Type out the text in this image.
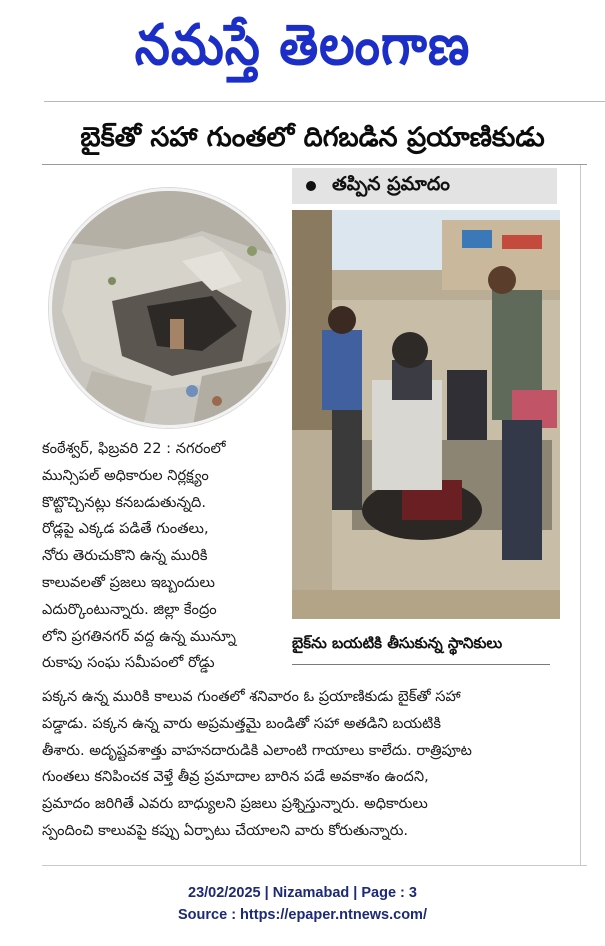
నమస్తే తెలంగాణ
బైక్‌తో సహా గుంతలో దిగబడిన ప్రయాణికుడు
తప్పిన ప్రమాదం
బైక్‌ను బయటికి తీసుకున్న స్థానికులు

కంఠేశ్వర్‌, ఫిబ్రవరి 22 : నగరంలో

మున్సిపల్‌ అధికారుల నిర్లక్ష్యం

కొట్టొచ్చినట్లు కనబడుతున్నది.

రోడ్లపై ఎక్కడ పడితే గుంతలు,

నోరు తెరుచుకొని ఉన్న మురికి

కాలువలతో ప్రజలు ఇబ్బందులు

ఎదుర్కొంటున్నారు. జిల్లా కేంద్రం

లోని ప్రగతినగర్‌ వద్ద ఉన్న మున్నూ

రుకాపు సంఘ సమీపంలో రోడ్డు

పక్కన ఉన్న మురికి కాలువ గుంతలో శనివారం ఓ ప్రయాణికుడు బైక్‌తో సహా

పడ్డాడు. పక్కన ఉన్న వారు అప్రమత్తమై బండితో సహా అతడిని బయటికి

తీశారు. అదృష్టవశాత్తు వాహనదారుడికి ఎలాంటి గాయాలు కాలేదు. రాత్రిపూట

గుంతలు కనిపించక వెళ్తే తీవ్ర ప్రమాదాల బారిన పడే అవకాశం ఉందని,

ప్రమాదం జరిగితే ఎవరు బాధ్యులని ప్రజలు ప్రశ్నిస్తున్నారు. అధికారులు

స్పందించి కాలువపై కప్పు ఏర్పాటు చేయాలని వారు కోరుతున్నారు.

23/02/2025 | Nizamabad | Page : 3
Source : https://epaper.ntnews.com/
